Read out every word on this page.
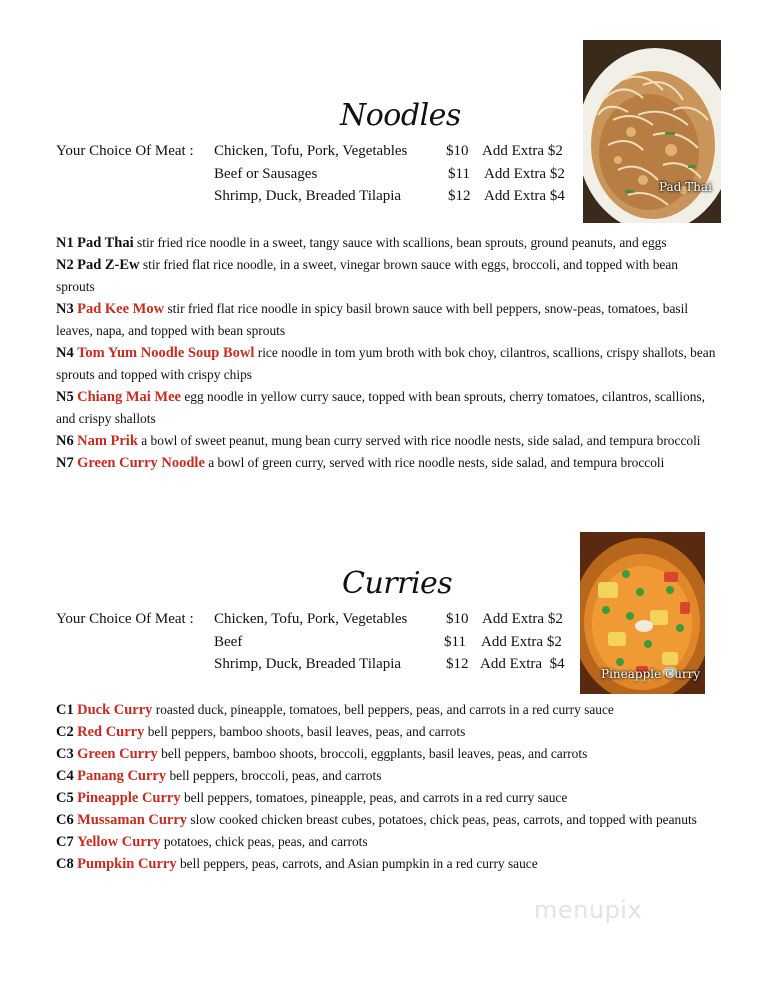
Noodles
Your Choice Of Meat : Chicken, Tofu, Pork, Vegetables	$10 Add Extra $2
Beef or Sausages	$11 Add Extra $2
Shrimp, Duck, Breaded Tilapia	$12 Add Extra $4
Pad Thai

N1 Pad Thai stir fried rice noodle in a sweet, tangy sauce with scallions, bean sprouts, ground peanuts, and eggs

N2 Pad Z-Ew stir fried flat rice noodle, in a sweet, vinegar brown sauce with eggs, broccoli, and topped with bean sprouts

N3 Pad Kee Mow stir fried flat rice noodle in spicy basil brown sauce with bell peppers, snow-peas, tomatoes, basil leaves, napa, and topped with bean sprouts

N4 Tom Yum Noodle Soup Bowl rice noodle in tom yum broth with bok choy, cilantros, scallions, crispy shallots, bean sprouts and topped with crispy chips

N5 Chiang Mai Mee egg noodle in yellow curry sauce, topped with bean sprouts, cherry tomatoes, cilantros, scallions, and crispy shallots

N6 Nam Prik a bowl of sweet peanut, mung bean curry served with rice noodle nests, side salad, and tempura broccoli

N7 Green Curry Noodle a bowl of green curry, served with rice noodle nests, side salad, and tempura broccoli

Curries
Your Choice Of Meat : Chicken, Tofu, Pork, Vegetables	$10 Add Extra $2
Beef	$11 Add Extra $2
Shrimp, Duck, Breaded Tilapia	$12 Add Extra  $4
Pineapple Curry

C1 Duck Curry roasted duck, pineapple, tomatoes, bell peppers, peas, and carrots in a red curry sauce

C2 Red Curry bell peppers, bamboo shoots, basil leaves, peas, and carrots

C3 Green Curry bell peppers, bamboo shoots, broccoli, eggplants, basil leaves, peas, and carrots

C4 Panang Curry bell peppers, broccoli, peas, and carrots

C5 Pineapple Curry bell peppers, tomatoes, pineapple, peas, and carrots in a red curry sauce

C6 Mussaman Curry slow cooked chicken breast cubes, potatoes, chick peas, peas, carrots, and topped with peanuts

C7 Yellow Curry potatoes, chick peas, peas, and carrots

C8 Pumpkin Curry bell peppers, peas, carrots, and Asian pumpkin in a red curry sauce

menupix
